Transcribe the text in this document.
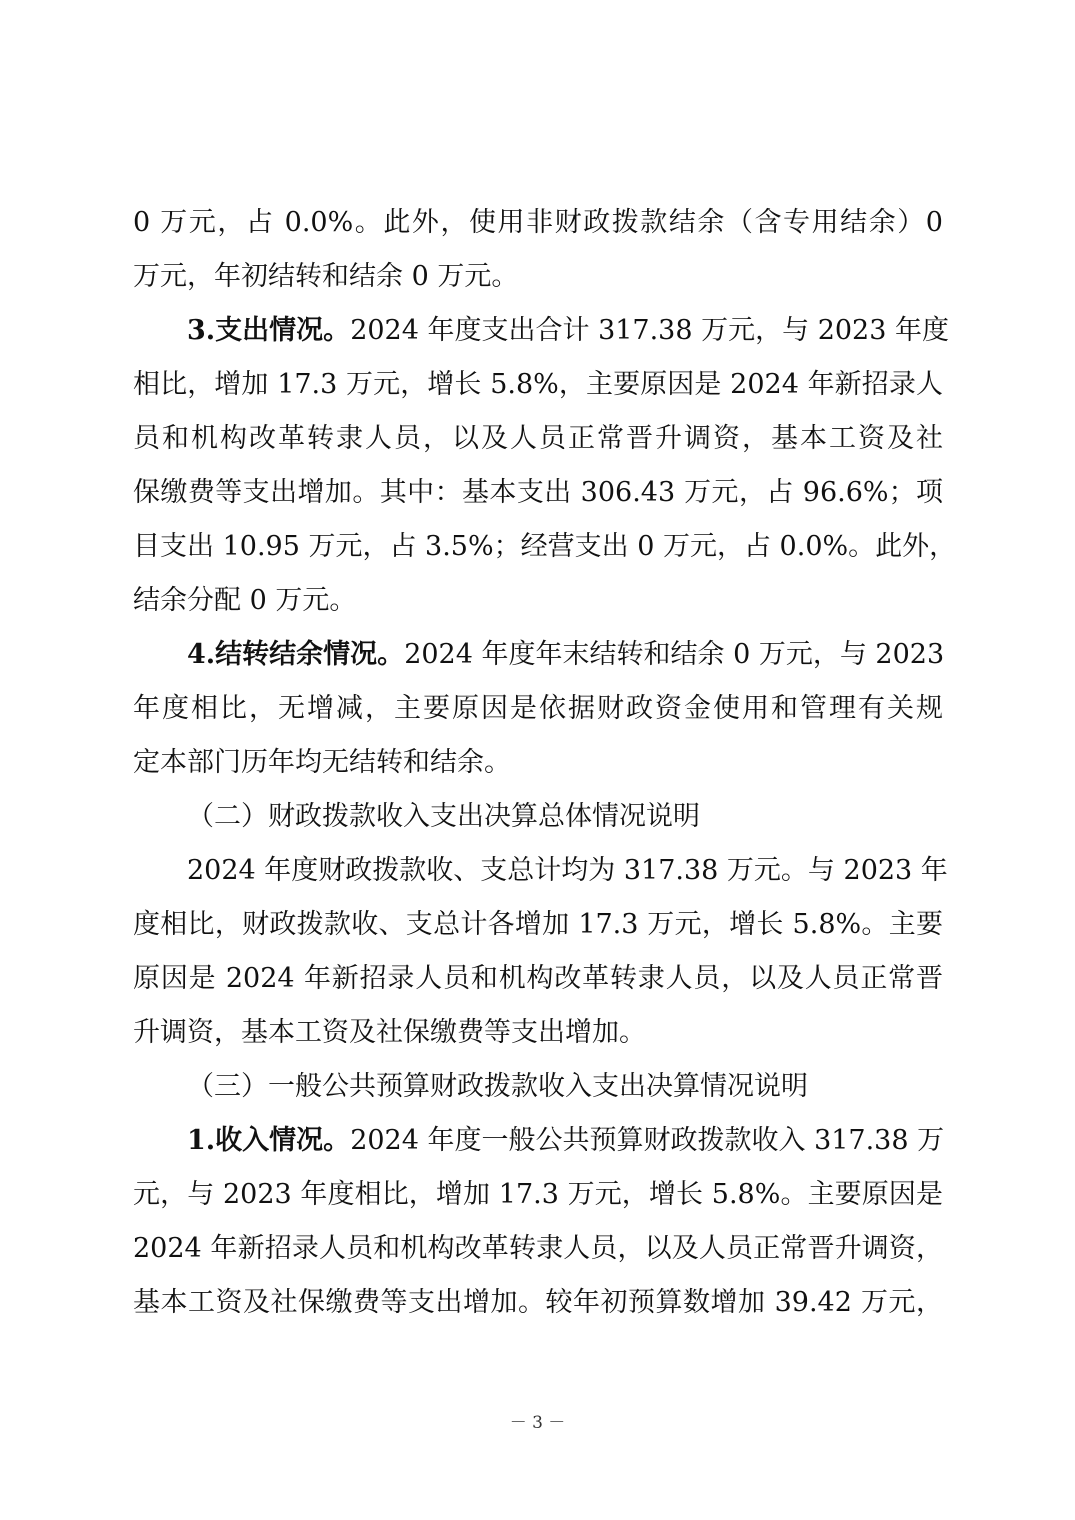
0 万元，占 0.0%。此外，使用非财政拨款结余（含专用结余）0
万元，年初结转和结余 0 万元。
3.支出情况。2024 年度支出合计 317.38 万元，与 2023 年度
相比，增加 17.3 万元，增长 5.8%，主要原因是 2024 年新招录人
员和机构改革转隶人员，以及人员正常晋升调资，基本工资及社
保缴费等支出增加。其中：基本支出 306.43 万元，占 96.6%；项
目支出 10.95 万元，占 3.5%；经营支出 0 万元，占 0.0%。此外，
结余分配 0 万元。
4.结转结余情况。2024 年度年末结转和结余 0 万元，与 2023
年度相比，无增减，主要原因是依据财政资金使用和管理有关规
定本部门历年均无结转和结余。
（二）财政拨款收入支出决算总体情况说明
2024 年度财政拨款收、支总计均为 317.38 万元。与 2023 年
度相比，财政拨款收、支总计各增加 17.3 万元，增长 5.8%。主要
原因是 2024 年新招录人员和机构改革转隶人员，以及人员正常晋
升调资，基本工资及社保缴费等支出增加。
（三）一般公共预算财政拨款收入支出决算情况说明
1.收入情况。2024 年度一般公共预算财政拨款收入 317.38 万
元，与 2023 年度相比，增加 17.3 万元，增长 5.8%。主要原因是
2024 年新招录人员和机构改革转隶人员，以及人员正常晋升调资，
基本工资及社保缴费等支出增加。较年初预算数增加 39.42 万元，
－ 3 －
